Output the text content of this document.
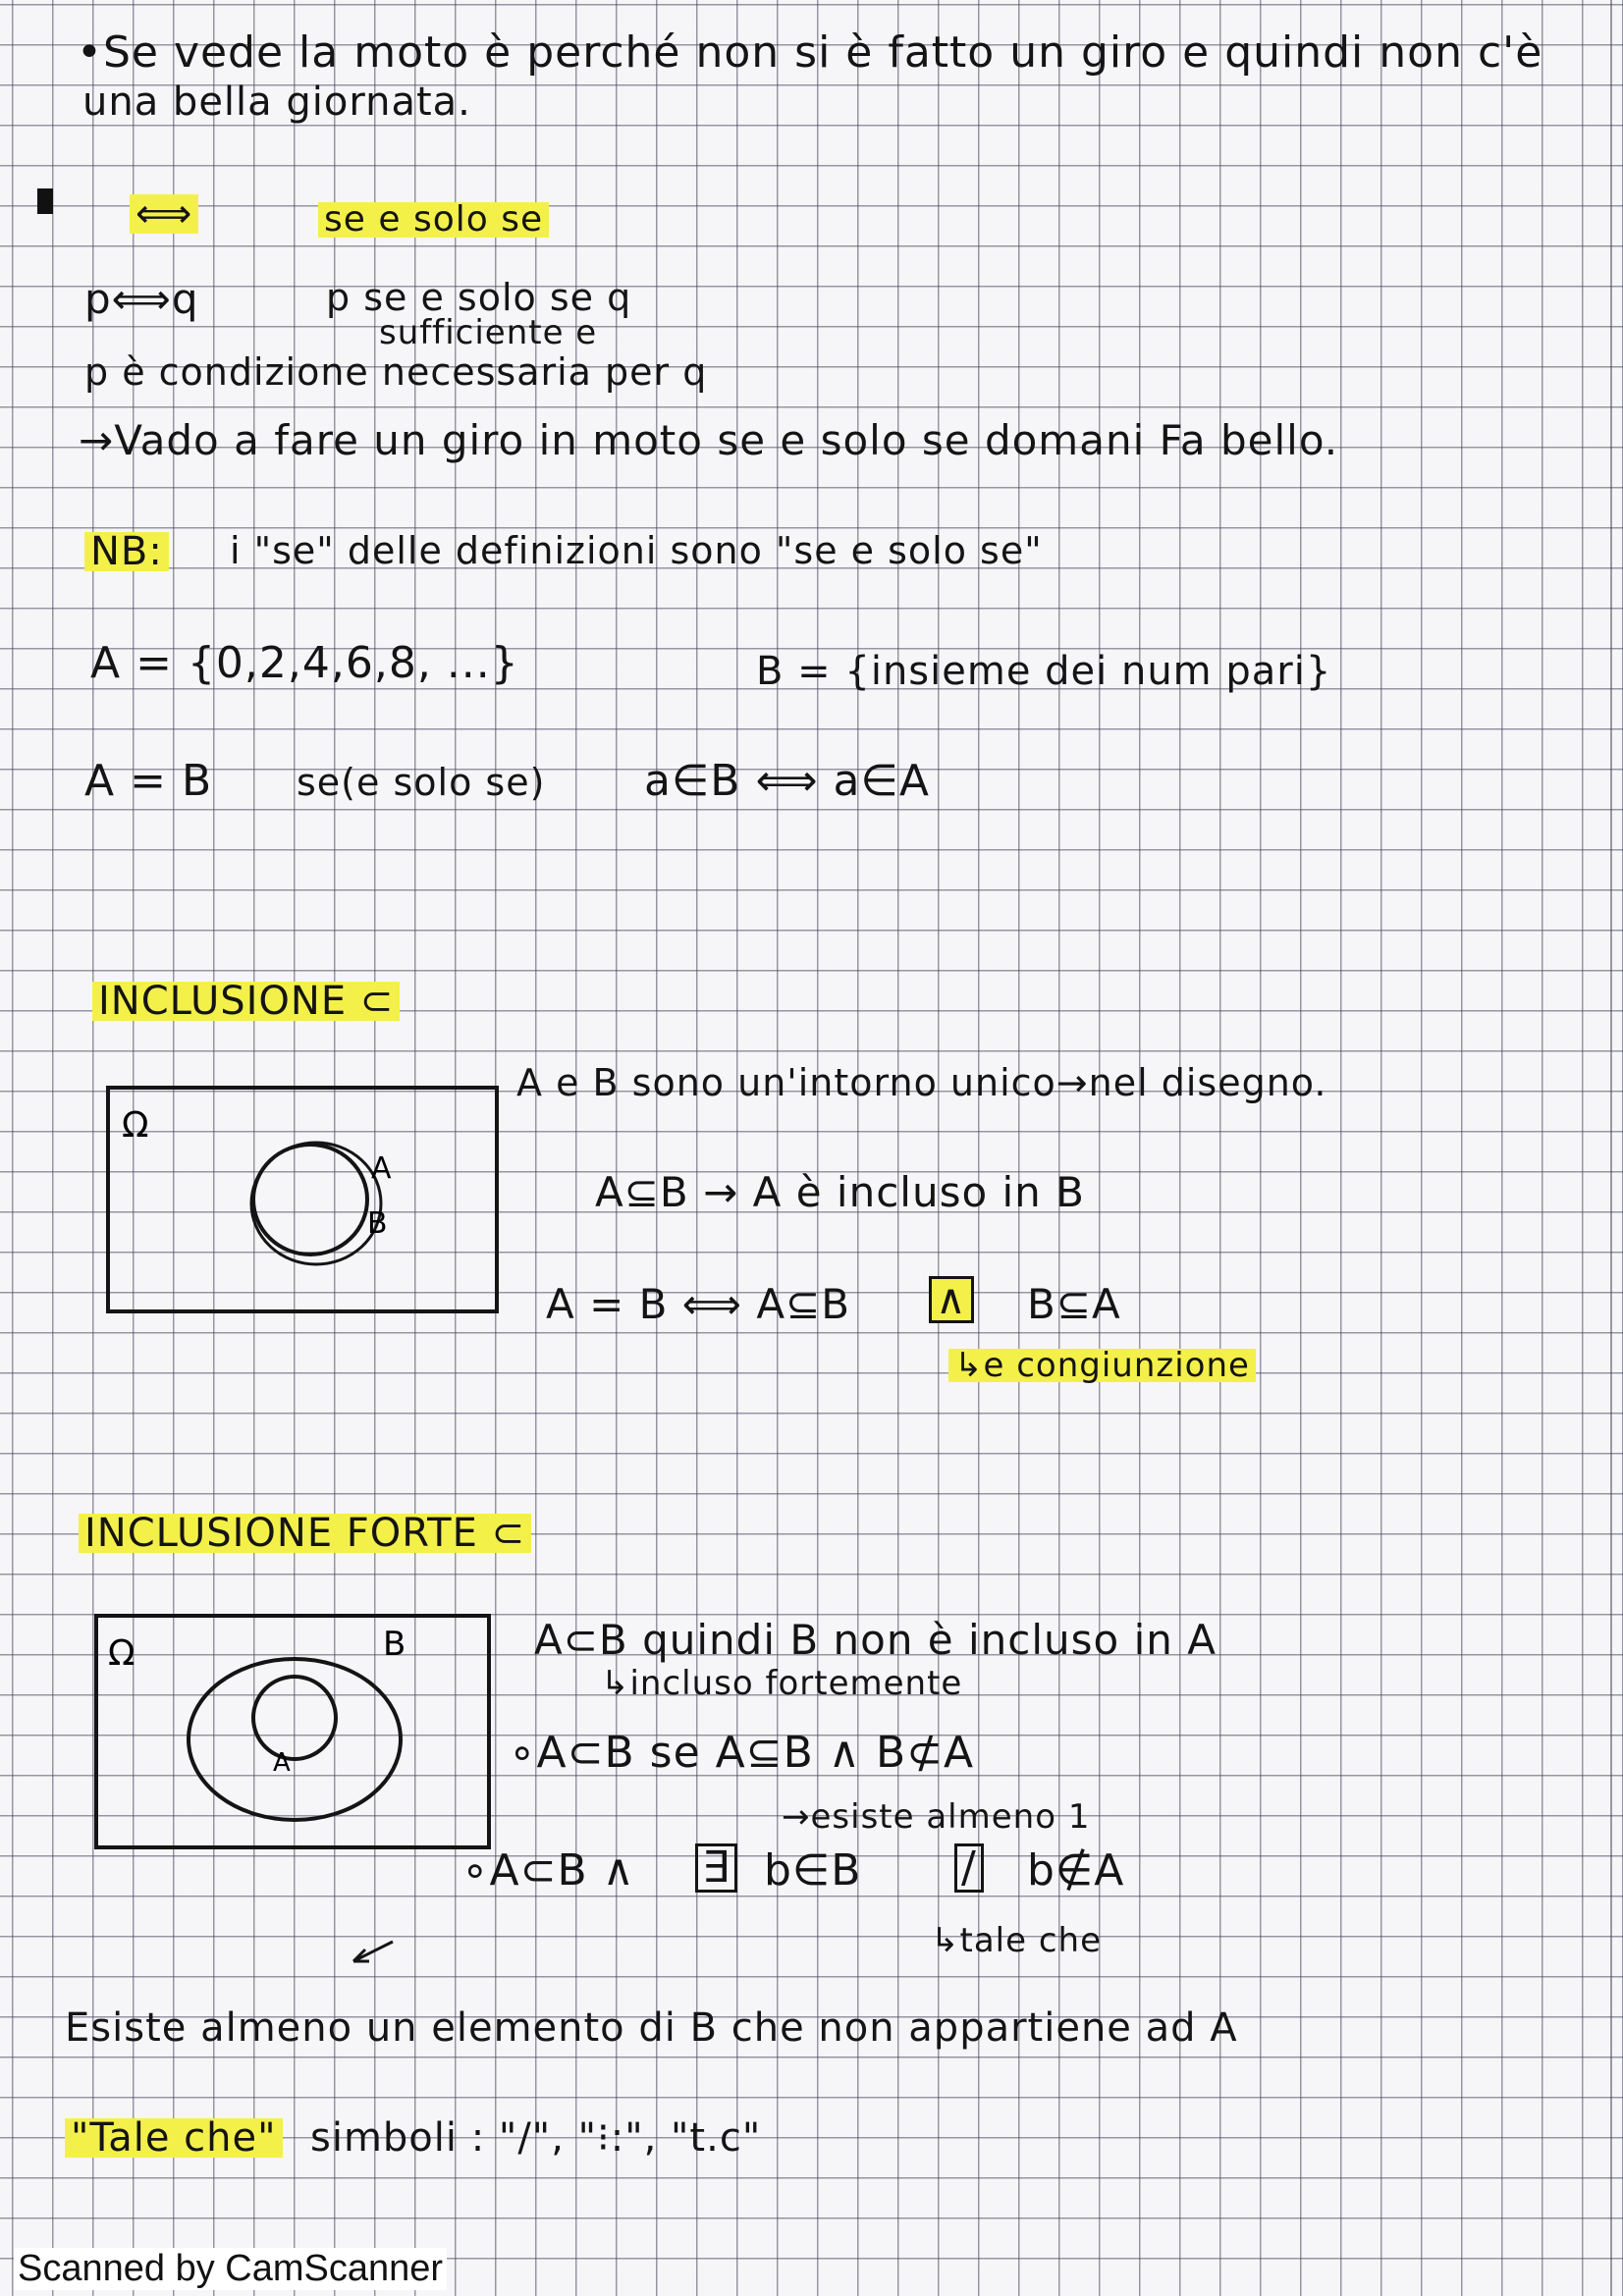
•Se vede la moto è perché non si è fatto un giro e quindi non c'è
una bella giornata.
⟺	se e solo se
p⟺q	p se e solo se q
sufficiente e
p è condizione necessaria per q
→Vado a fare un giro in moto se e solo se domani Fa bello.
NB: i "se" delle definizioni sono "se e solo se"
A = {0,2,4,6,8, ...}	B = {insieme dei num pari}
A = B se(e solo se) a∈B ⟺ a∈A
INCLUSIONE ⊂
A e B sono un'intorno unico→nel disegno.
A⊆B → A è incluso in B
A = B ⟺ A⊆B ∧ B⊆A
↳e congiunzione
INCLUSIONE FORTE ⊂
A⊂B quindi B non è incluso in A
↳incluso fortemente
∘A⊂B se A⊆B ∧ B⊄A
→esiste almeno 1
∘A⊂B ∧ ∃ b∈B / b∉A
↳tale che
Esiste almeno un elemento di B che non appartiene ad A
"Tale che" simboli : "/", "⁝:", "t.c"
Ω
A
B
Ω	B
A
Scanned by CamScanner
